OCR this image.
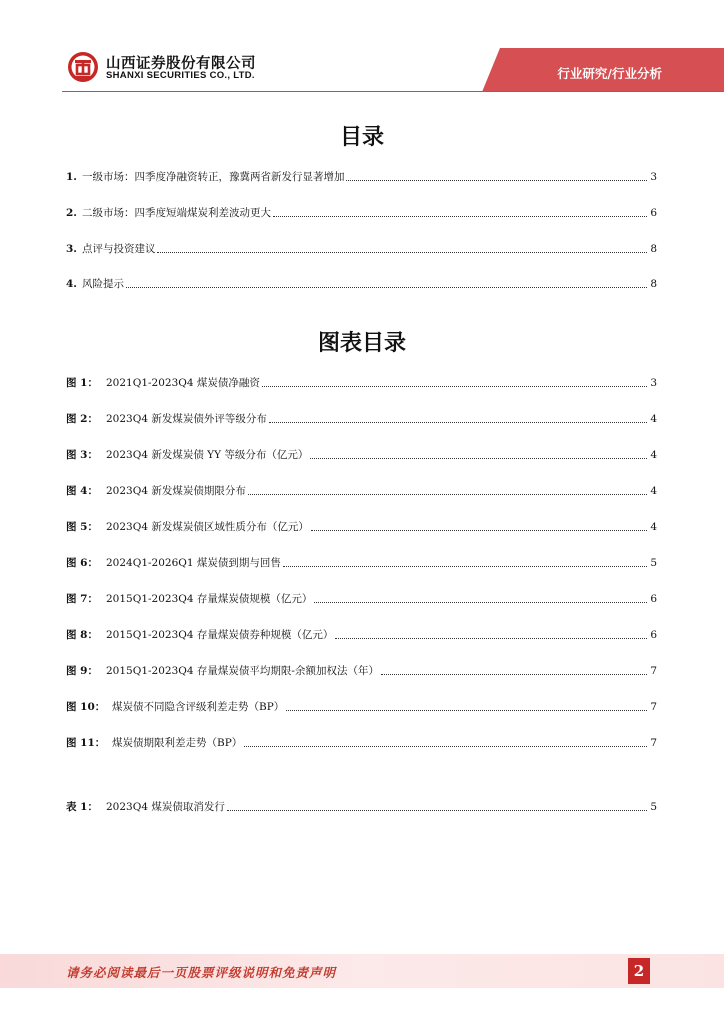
山西证券股份有限公司
SHANXI SECURITIES CO., LTD.	行业研究/行业分析
目录
1. 一级市场：四季度净融资转正，豫冀两省新发行显著增加	3
2. 二级市场：四季度短端煤炭利差波动更大	6
3. 点评与投资建议	8
4. 风险提示	8
图表目录
图 1： 2021Q1-2023Q4 煤炭债净融资	3
图 2： 2023Q4 新发煤炭债外评等级分布	4
图 3： 2023Q4 新发煤炭债 YY 等级分布（亿元）	4
图 4： 2023Q4 新发煤炭债期限分布	4
图 5： 2023Q4 新发煤炭债区域性质分布（亿元）	4
图 6： 2024Q1-2026Q1 煤炭债到期与回售	5
图 7： 2015Q1-2023Q4 存量煤炭债规模（亿元）	6
图 8： 2015Q1-2023Q4 存量煤炭债券种规模（亿元）	6
图 9： 2015Q1-2023Q4 存量煤炭债平均期限-余额加权法（年）	7
图 10： 煤炭债不同隐含评级利差走势（BP）	7
图 11： 煤炭债期限利差走势（BP）	7
表 1： 2023Q4 煤炭债取消发行	5
请务必阅读最后一页股票评级说明和免责声明	2
